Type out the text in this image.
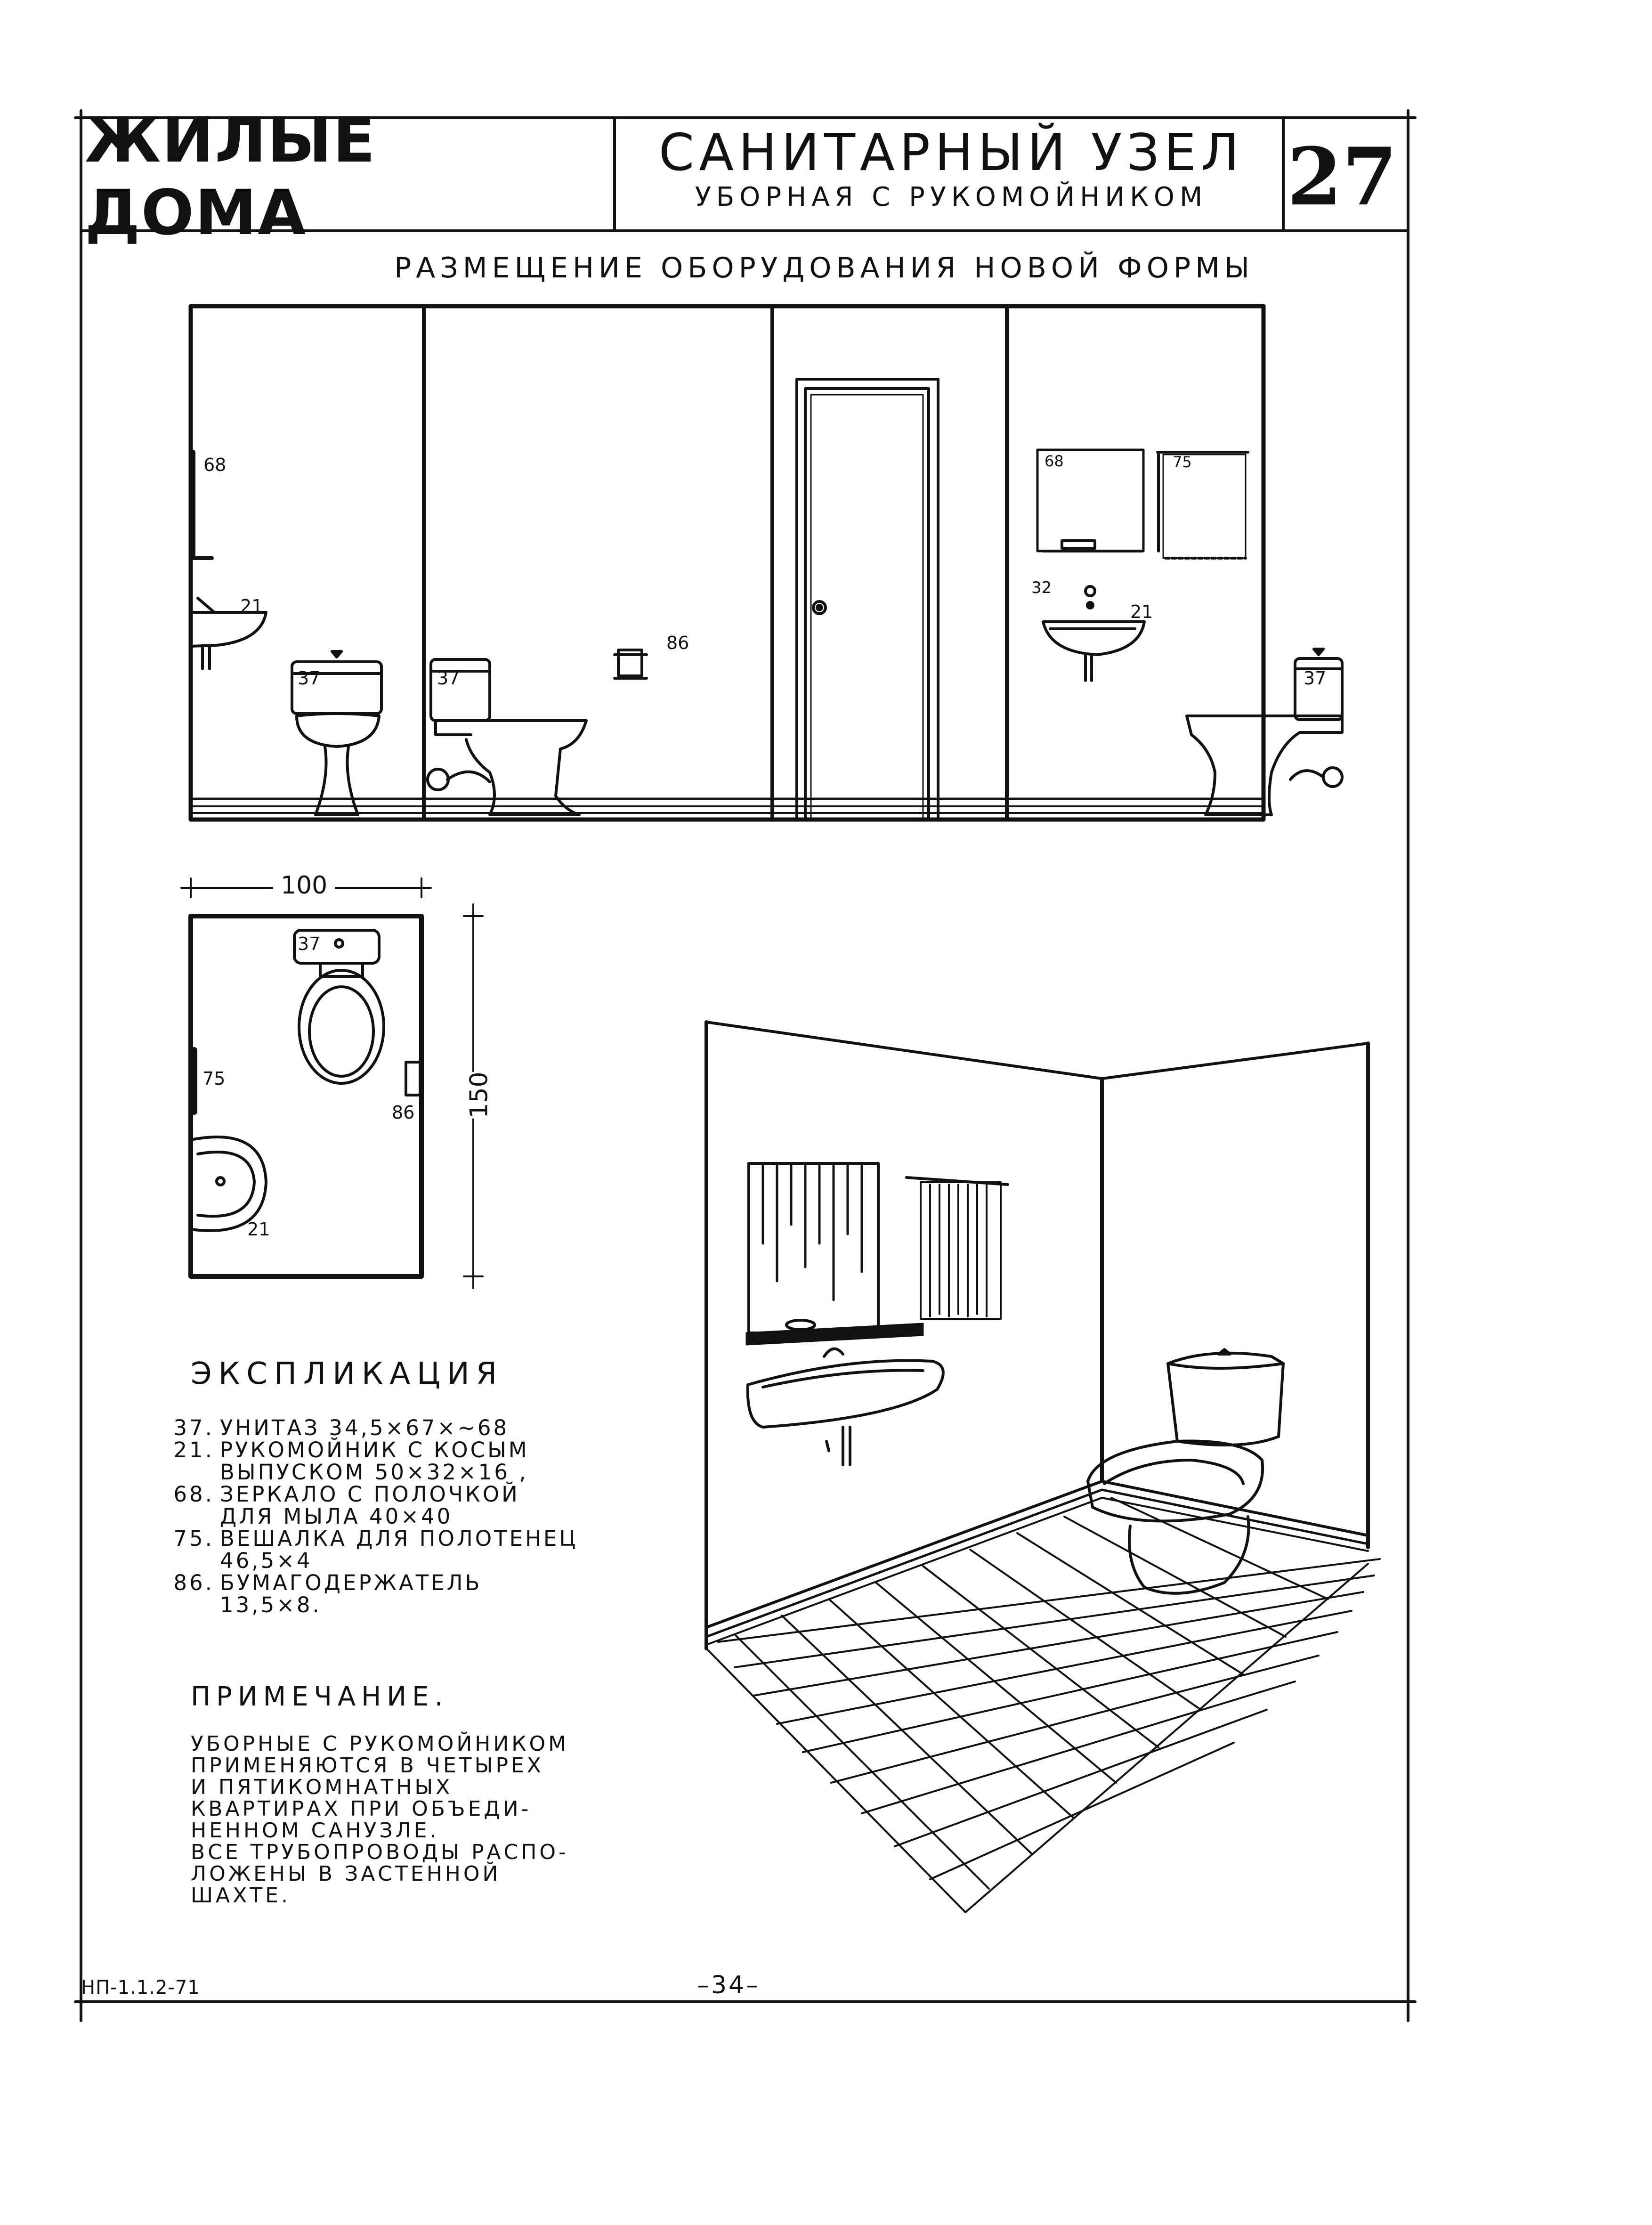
ЖИЛЫЕ ДОМА
САНИТАРНЫЙ УЗЕЛ
УБОРНАЯ С РУКОМОЙНИКОМ	27
РАЗМЕЩЕНИЕ ОБОРУДОВАНИЯ НОВОЙ ФОРМЫ
68
21
37	37
86
68	75
32
21
37
100
150
37
75
86
21
ЭКСПЛИКАЦИЯ
37. УНИТАЗ 34,5×67×~68
21. РУКОМОЙНИК С КОСЫМ
ВЫПУСКОМ 50×32×16 ,
68. ЗЕРКАЛО С ПОЛОЧКОЙ
ДЛЯ МЫЛА 40×40
75. ВЕШАЛКА ДЛЯ ПОЛОТЕНЕЦ
46,5×4
86. БУМАГОДЕРЖАТЕЛЬ
13,5×8.
ПРИМЕЧАНИЕ.
УБОРНЫЕ С РУКОМОЙНИКОМ
ПРИМЕНЯЮТСЯ В ЧЕТЫРЕХ
И ПЯТИКОМНАТНЫХ
КВАРТИРАХ ПРИ ОБЪЕДИ-
НЕННОМ САНУЗЛЕ.
ВСЕ ТРУБОПРОВОДЫ РАСПО-
ЛОЖЕНЫ В ЗАСТЕННОЙ
ШАХТЕ.
НП-1.1.2-71	–34–
